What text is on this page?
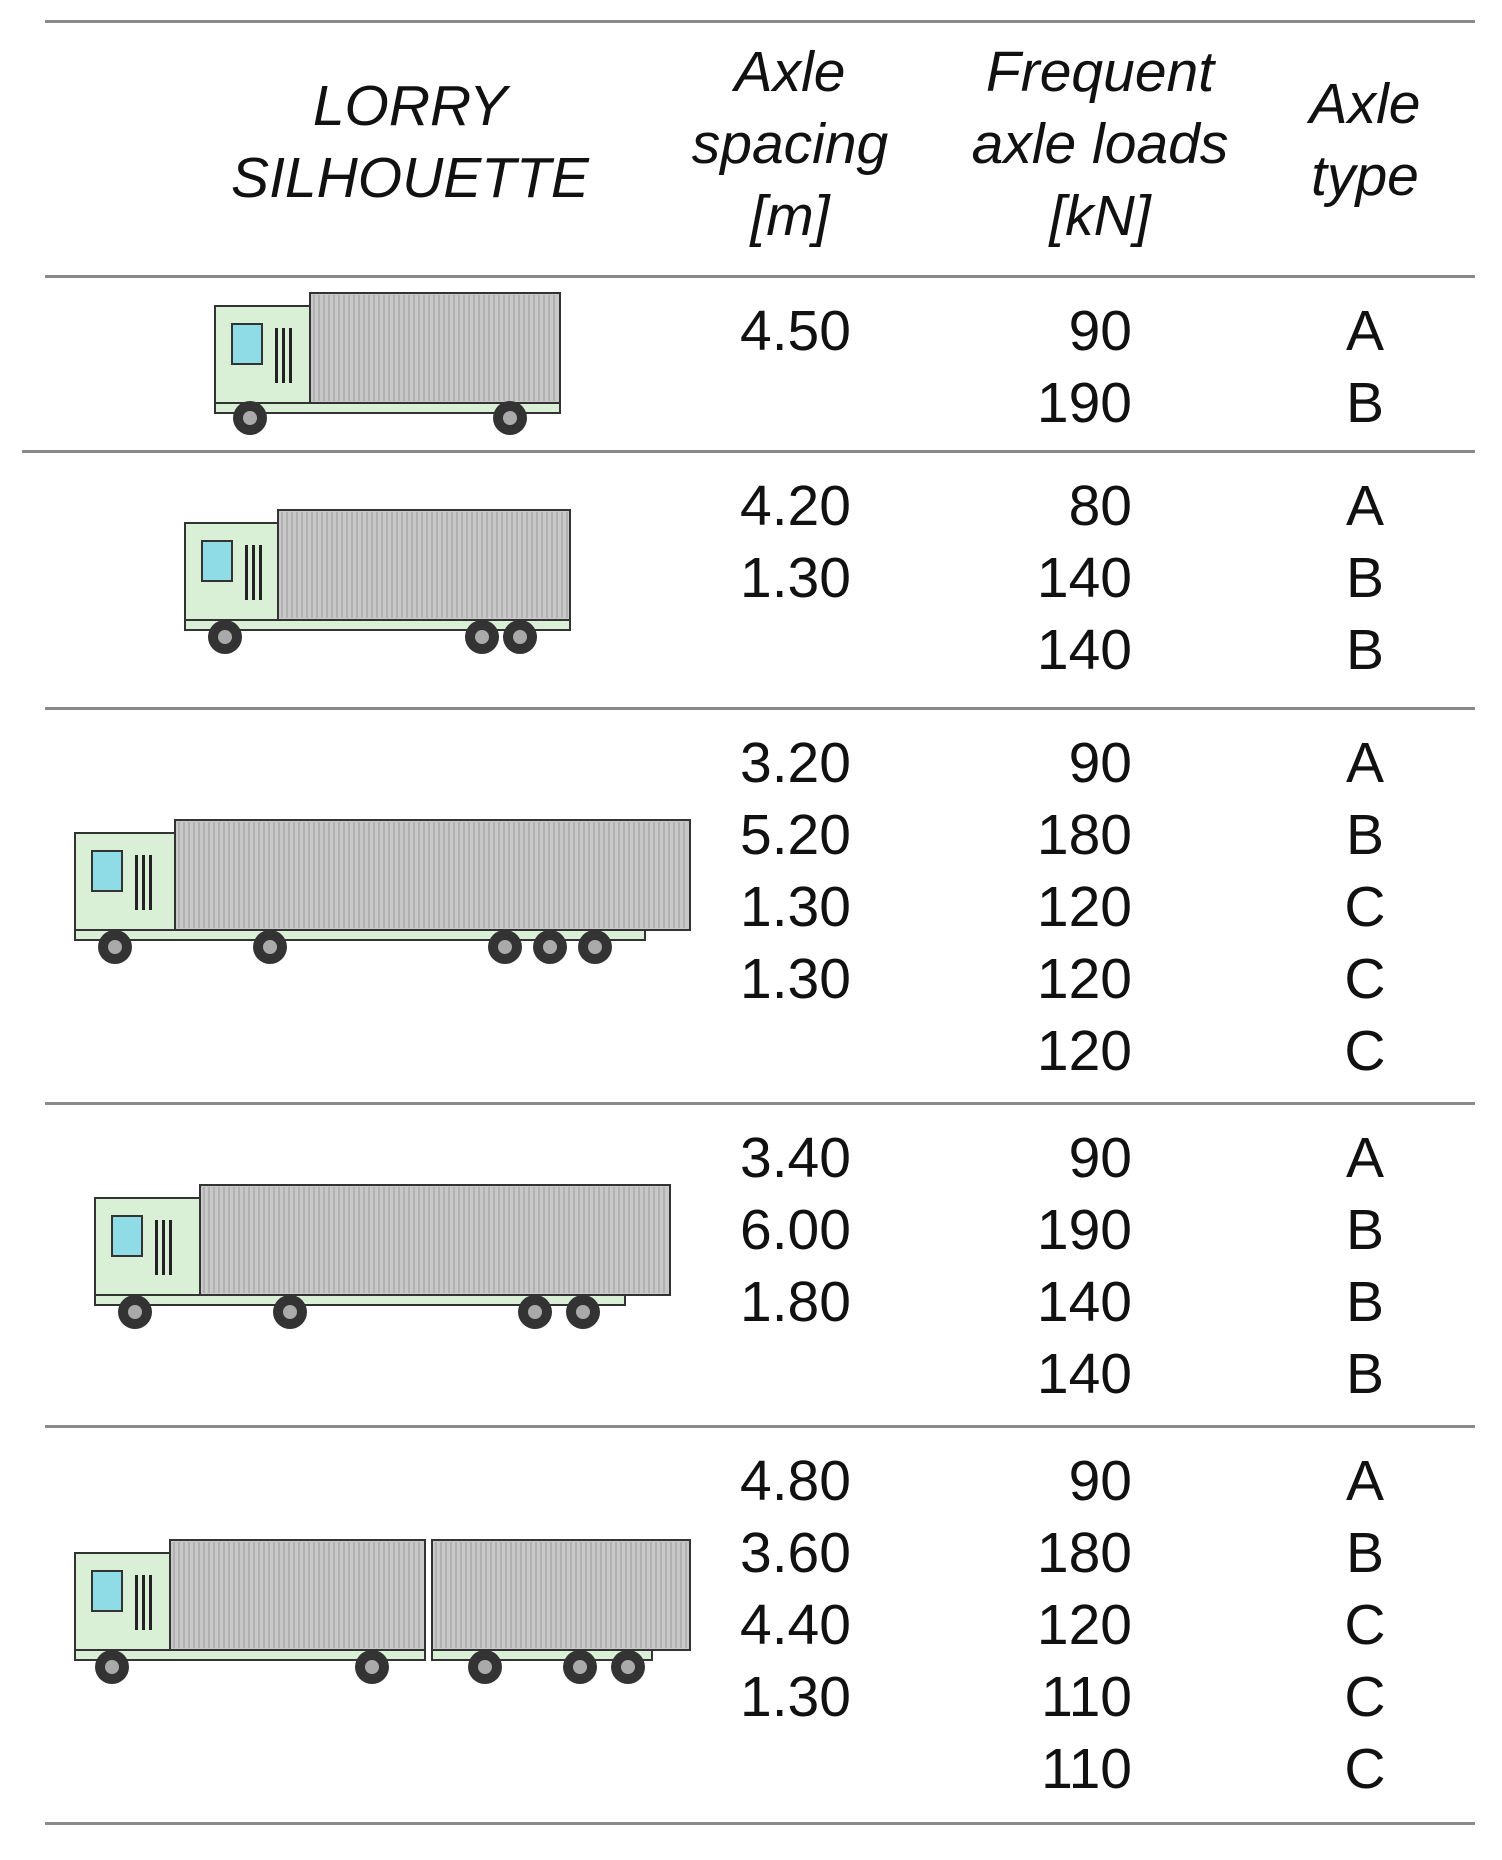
LORRY
SILHOUETTE
Axle
spacing
[m]
Frequent
axle loads
[kN]
Axle
type
4.50	90
190
A
B
4.20
1.30
80
140
140
A
B
B
3.20
5.20
1.30
1.30
90
180
120
120
120
A
B
C
C
C
3.40
6.00
1.80
90
190
140
140
A
B
B
B
4.80
3.60
4.40
1.30
90
180
120
110
110
A
B
C
C
C
